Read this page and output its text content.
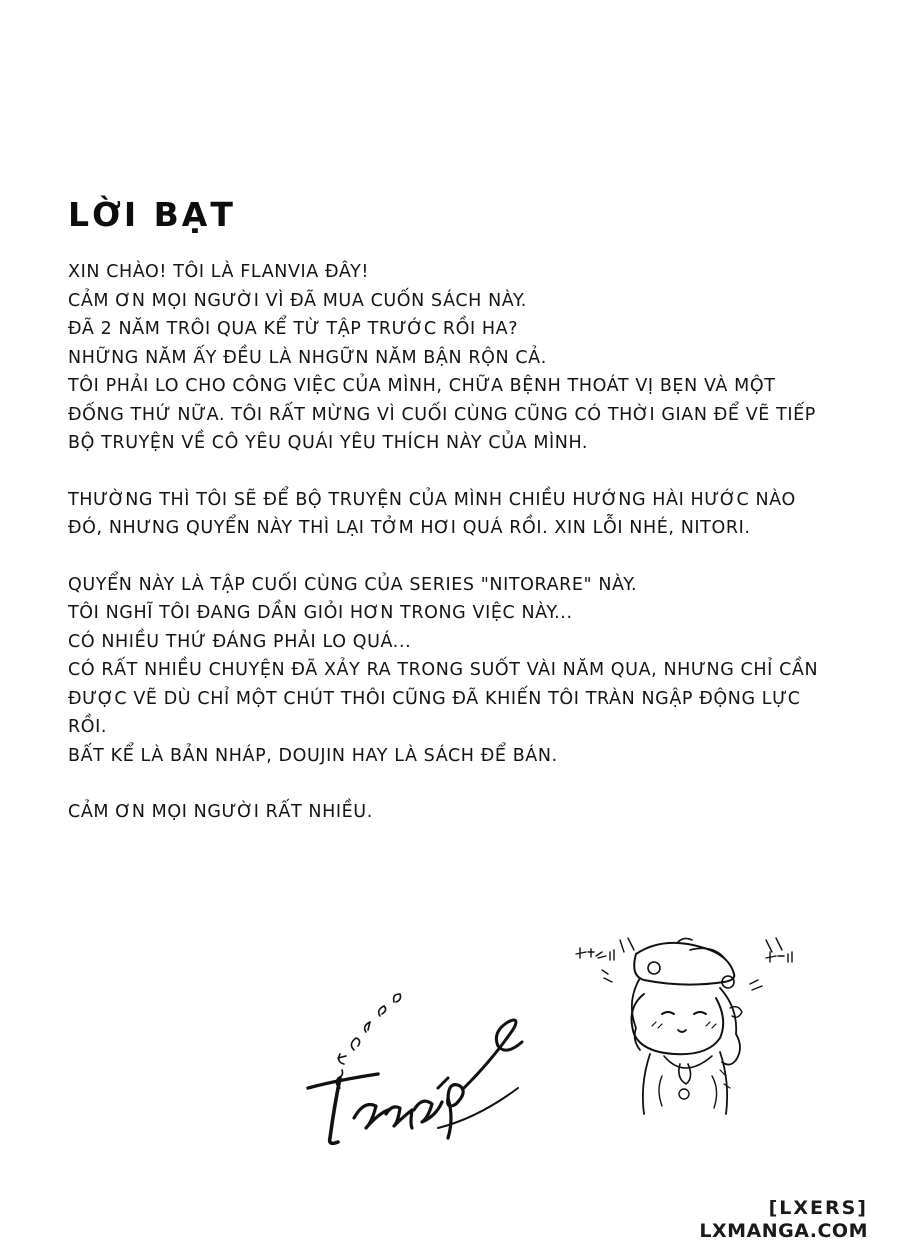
LỜI BẠT

XIN CHÀO! TÔI LÀ FLANVIA ĐÂY!
CẢM ƠN MỌI NGƯỜI VÌ ĐÃ MUA CUỐN SÁCH NÀY.
ĐÃ 2 NĂM TRÔI QUA KỂ TỪ TẬP TRƯỚC RỒI HA?
NHỮNG NĂM ẤY ĐỀU LÀ NHGỮN NĂM BẬN RỘN CẢ.
TÔI PHẢI LO CHO CÔNG VIỆC CỦA MÌNH, CHỮA BỆNH THOÁT VỊ BẸN VÀ MỘT
ĐỐNG THỨ NỮA. TÔI RẤT MỪNG VÌ CUỐI CÙNG CŨNG CÓ THỜI GIAN ĐỂ VẼ TIẾP
BỘ TRUYỆN VỀ CÔ YÊU QUÁI YÊU THÍCH NÀY CỦA MÌNH.

THƯỜNG THÌ TÔI SẼ ĐỂ BỘ TRUYỆN CỦA MÌNH CHIỀU HƯỚNG HÀI HƯỚC NÀO
ĐÓ, NHƯNG QUYỂN NÀY THÌ LẠI TỞM HƠI QUÁ RỒI. XIN LỖI NHÉ, NITORI.

QUYỂN NÀY LÀ TẬP CUỐI CÙNG CỦA SERIES "NITORARE" NÀY.
TÔI NGHĨ TÔI ĐANG DẦN GIỎI HƠN TRONG VIỆC NÀY...
CÓ NHIỀU THỨ ĐÁNG PHẢI LO QUÁ...
CÓ RẤT NHIỀU CHUYỆN ĐÃ XẢY RA TRONG SUỐT VÀI NĂM QUA, NHƯNG CHỈ CẦN
ĐƯỢC VẼ DÙ CHỈ MỘT CHÚT THÔI CŨNG ĐÃ KHIẾN TÔI TRÀN NGẬP ĐỘNG LỰC
RỒI.
BẤT KỂ LÀ BẢN NHÁP, DOUJIN HAY LÀ SÁCH ĐỂ BÁN.

CẢM ƠN MỌI NGƯỜI RẤT NHIỀU.

[LXERS]
LXMANGA.COM
